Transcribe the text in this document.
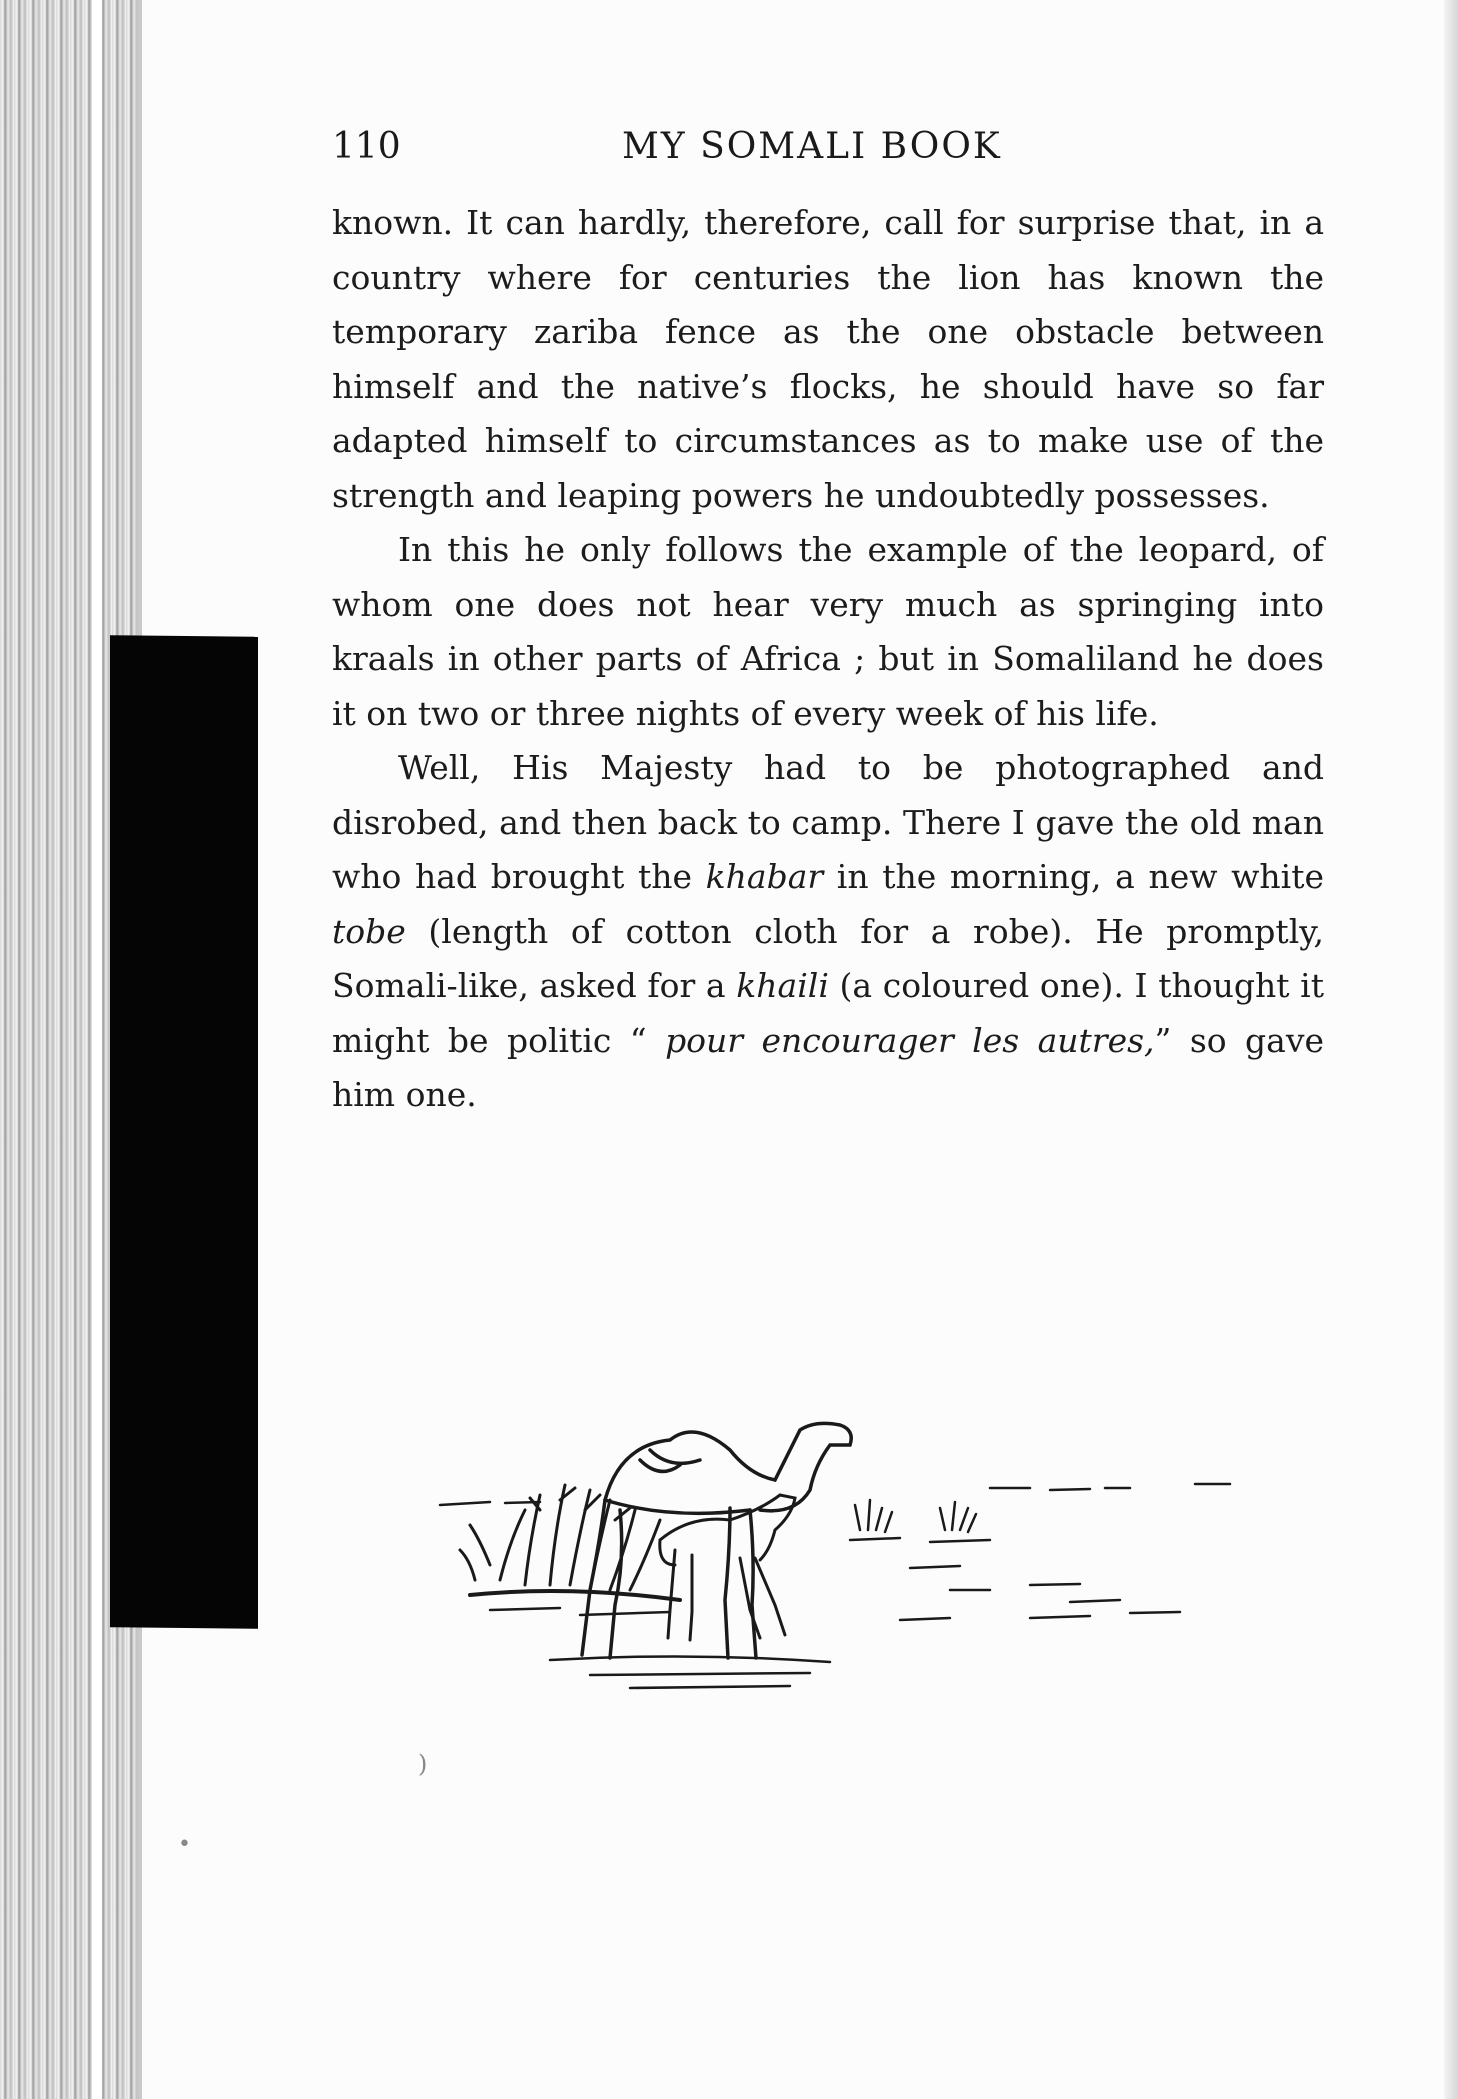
110	MY SOMALI BOOK

known. It can hardly, therefore, call for surprise that, in a country where for centuries the lion has known the temporary zariba fence as the one obstacle between himself and the native’s flocks, he should have so far adapted himself to circumstances as to make use of the strength and leaping powers he undoubtedly possesses.

In this he only follows the example of the leopard, of whom one does not hear very much as springing into kraals in other parts of Africa ; but in Somaliland he does it on two or three nights of every week of his life.

Well, His Majesty had to be photographed and disrobed, and then back to camp. There I gave the old man who had brought the khabar in the morning, a new white tobe (length of cotton cloth for a robe). He promptly, Somali-like, asked for a khaili (a coloured one). I thought it might be politic “ pour encourager les autres,” so gave him one.

•
)
